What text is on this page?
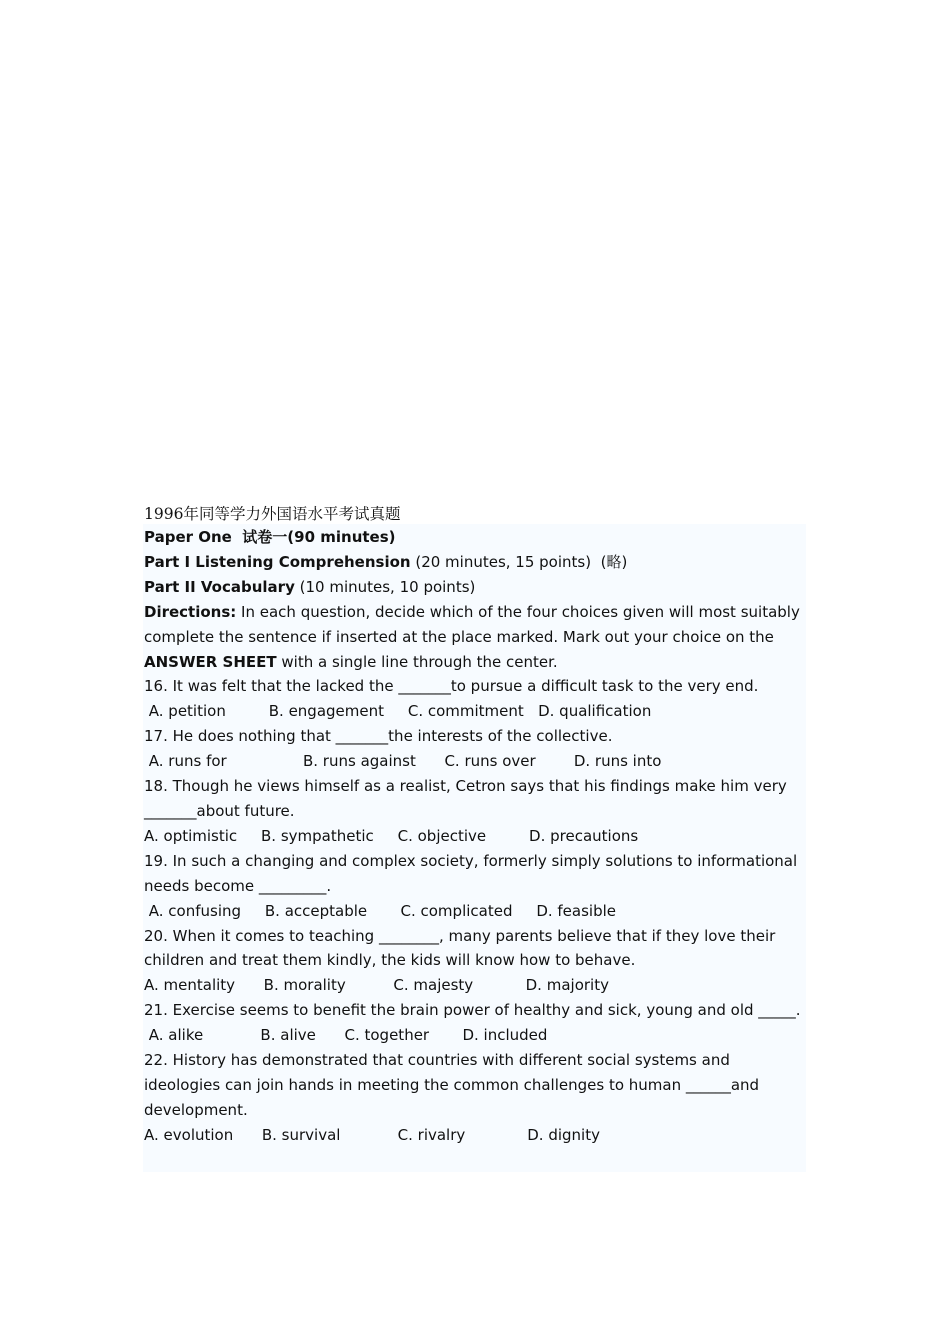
1996年同等学力外国语水平考试真题
Paper One  试卷一(90 minutes)
Part I Listening Comprehension (20 minutes, 15 points)  (略)
Part II Vocabulary (10 minutes, 10 points)
Directions: In each question, decide which of the four choices given will most suitably complete the sentence if inserted at the place marked. Mark out your choice on the ANSWER SHEET with a single line through the center.
16. It was felt that the lacked the _______to pursue a difficult task to the very end.
A. petition         B. engagement     C. commitment   D. qualification
17. He does nothing that _______the interests of the collective.
A. runs for                B. runs against      C. runs over        D. runs into
18. Though he views himself as a realist, Cetron says that his findings make him very _______about future.
A. optimistic     B. sympathetic     C. objective         D. precautions
19. In such a changing and complex society, formerly simply solutions to informational needs become _________.
A. confusing     B. acceptable       C. complicated     D. feasible
20. When it comes to teaching ________, many parents believe that if they love their children and treat them kindly, the kids will know how to behave.
A. mentality      B. morality          C. majesty           D. majority
21. Exercise seems to benefit the brain power of healthy and sick, young and old _____.
A. alike            B. alive      C. together       D. included
22. History has demonstrated that countries with different social systems and ideologies can join hands in meeting the common challenges to human ______and development.
A. evolution      B. survival            C. rivalry             D. dignity
